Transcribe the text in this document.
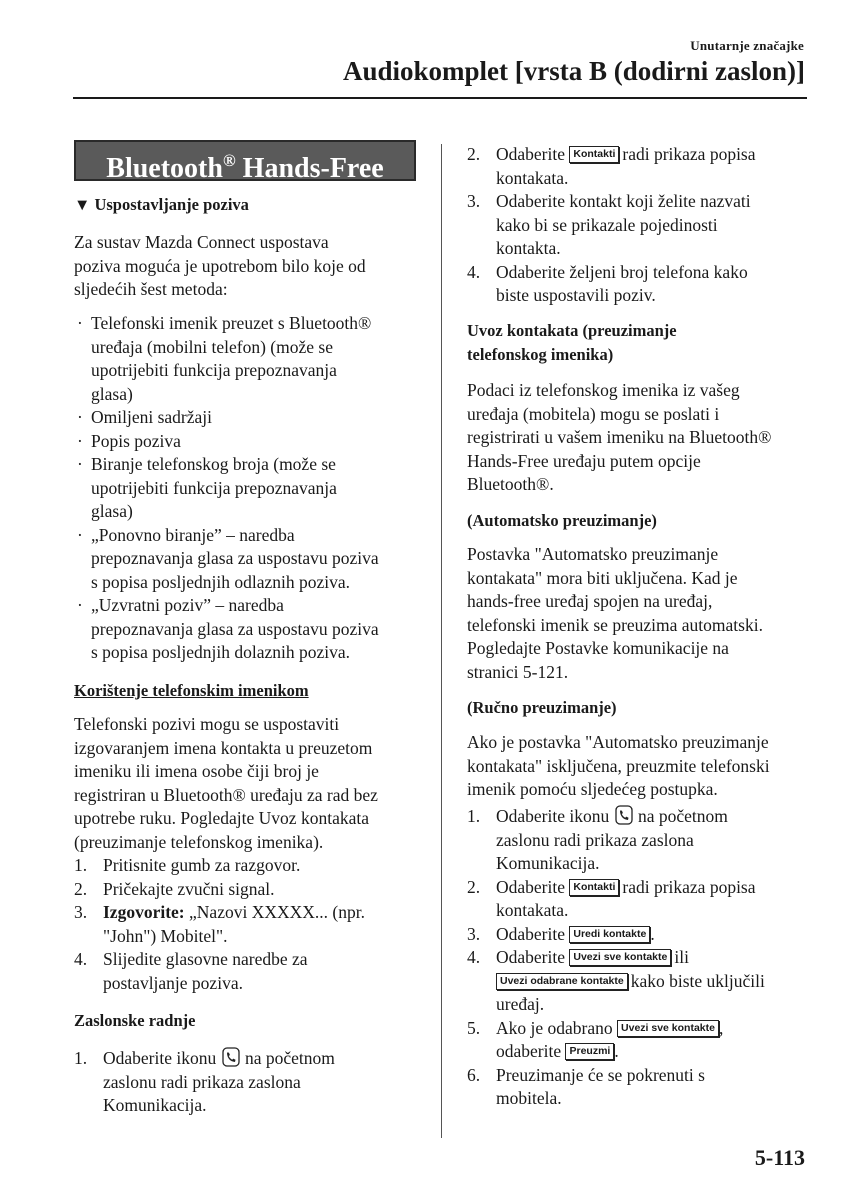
Unutarnje značajke
Audiokomplet [vrsta B (dodirni zaslon)]
Bluetooth® Hands-Free
▼ Uspostavljanje poziva
Za sustav Mazda Connect uspostava
poziva moguća je upotrebom bilo koje od
sljedećih šest metoda:
· Telefonski imenik preuzet s Bluetooth®
uređaja (mobilni telefon) (može se
upotrijebiti funkcija prepoznavanja
glasa)
· Omiljeni sadržaji
· Popis poziva
· Biranje telefonskog broja (može se
upotrijebiti funkcija prepoznavanja
glasa)
· „Ponovno biranje” – naredba
prepoznavanja glasa za uspostavu poziva
s popisa posljednjih odlaznih poziva.
· „Uzvratni poziv” – naredba
prepoznavanja glasa za uspostavu poziva
s popisa posljednjih dolaznih poziva.
Korištenje telefonskim imenikom
Telefonski pozivi mogu se uspostaviti
izgovaranjem imena kontakta u preuzetom
imeniku ili imena osobe čiji broj je
registriran u Bluetooth® uređaju za rad bez
upotrebe ruku. Pogledajte Uvoz kontakata
(preuzimanje telefonskog imenika).
1. Pritisnite gumb za razgovor.
2. Pričekajte zvučni signal.
3. Izgovorite: „Nazovi XXXXX... (npr.
"John") Mobitel".
4. Slijedite glasovne naredbe za
postavljanje poziva.
Zaslonske radnje
1. Odaberite ikonu  na početnom
zaslonu radi prikaza zaslona
Komunikacija.
2. Odaberite Kontakti radi prikaza popisa
kontakata.
3. Odaberite kontakt koji želite nazvati
kako bi se prikazale pojedinosti
kontakta.
4. Odaberite željeni broj telefona kako
biste uspostavili poziv.
Uvoz kontakata (preuzimanje
telefonskog imenika)
Podaci iz telefonskog imenika iz vašeg
uređaja (mobitela) mogu se poslati i
registrirati u vašem imeniku na Bluetooth®
Hands-Free uređaju putem opcije
Bluetooth®.
(Automatsko preuzimanje)
Postavka "Automatsko preuzimanje
kontakata" mora biti uključena. Kad je
hands-free uređaj spojen na uređaj,
telefonski imenik se preuzima automatski.
Pogledajte Postavke komunikacije na
stranici 5-121.
(Ručno preuzimanje)
Ako je postavka "Automatsko preuzimanje
kontakata" isključena, preuzmite telefonski
imenik pomoću sljedećeg postupka.
1. Odaberite ikonu  na početnom
zaslonu radi prikaza zaslona
Komunikacija.
2. Odaberite Kontakti radi prikaza popisa
kontakata.
3. Odaberite Uredi kontakte .
4. Odaberite Uvezi sve kontakte ili
Uvezi odabrane kontakte kako biste uključili
uređaj.
5. Ako je odabrano Uvezi sve kontakte ,
odaberite Preuzmi .
6. Preuzimanje će se pokrenuti s
mobitela.
5-113
